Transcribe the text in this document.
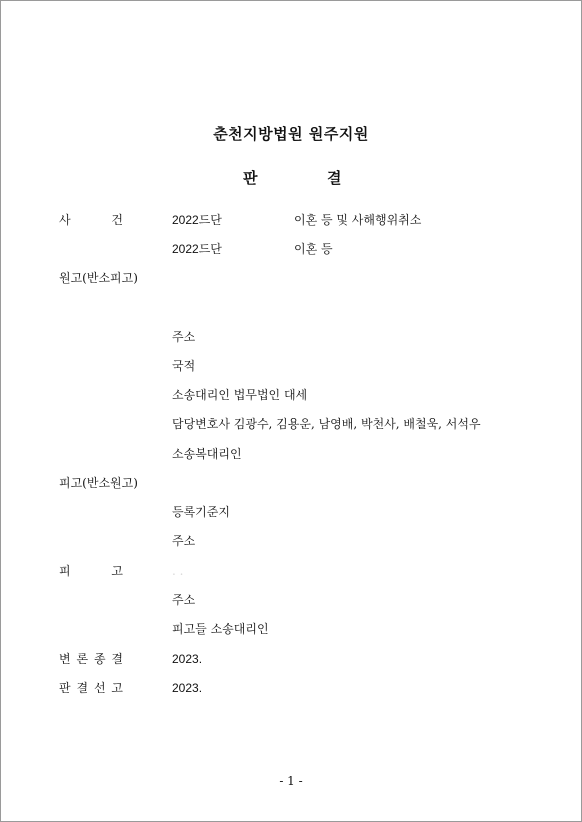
춘천지방법원 원주지원
판	결
사	건	2022드단	이혼 등 및 사해행위취소
2022드단	이혼 등
원고(반소피고)
주소
국적
소송대리인 법무법인 대세
담당변호사 김광수, 김용운, 남영배, 박천사, 배철욱, 서석우
소송복대리인
피고(반소원고)
등록기준지
주소
피	고	. .
주소
피고들 소송대리인
변 론 종 결	2023.
판 결 선 고	2023.
- 1 -
